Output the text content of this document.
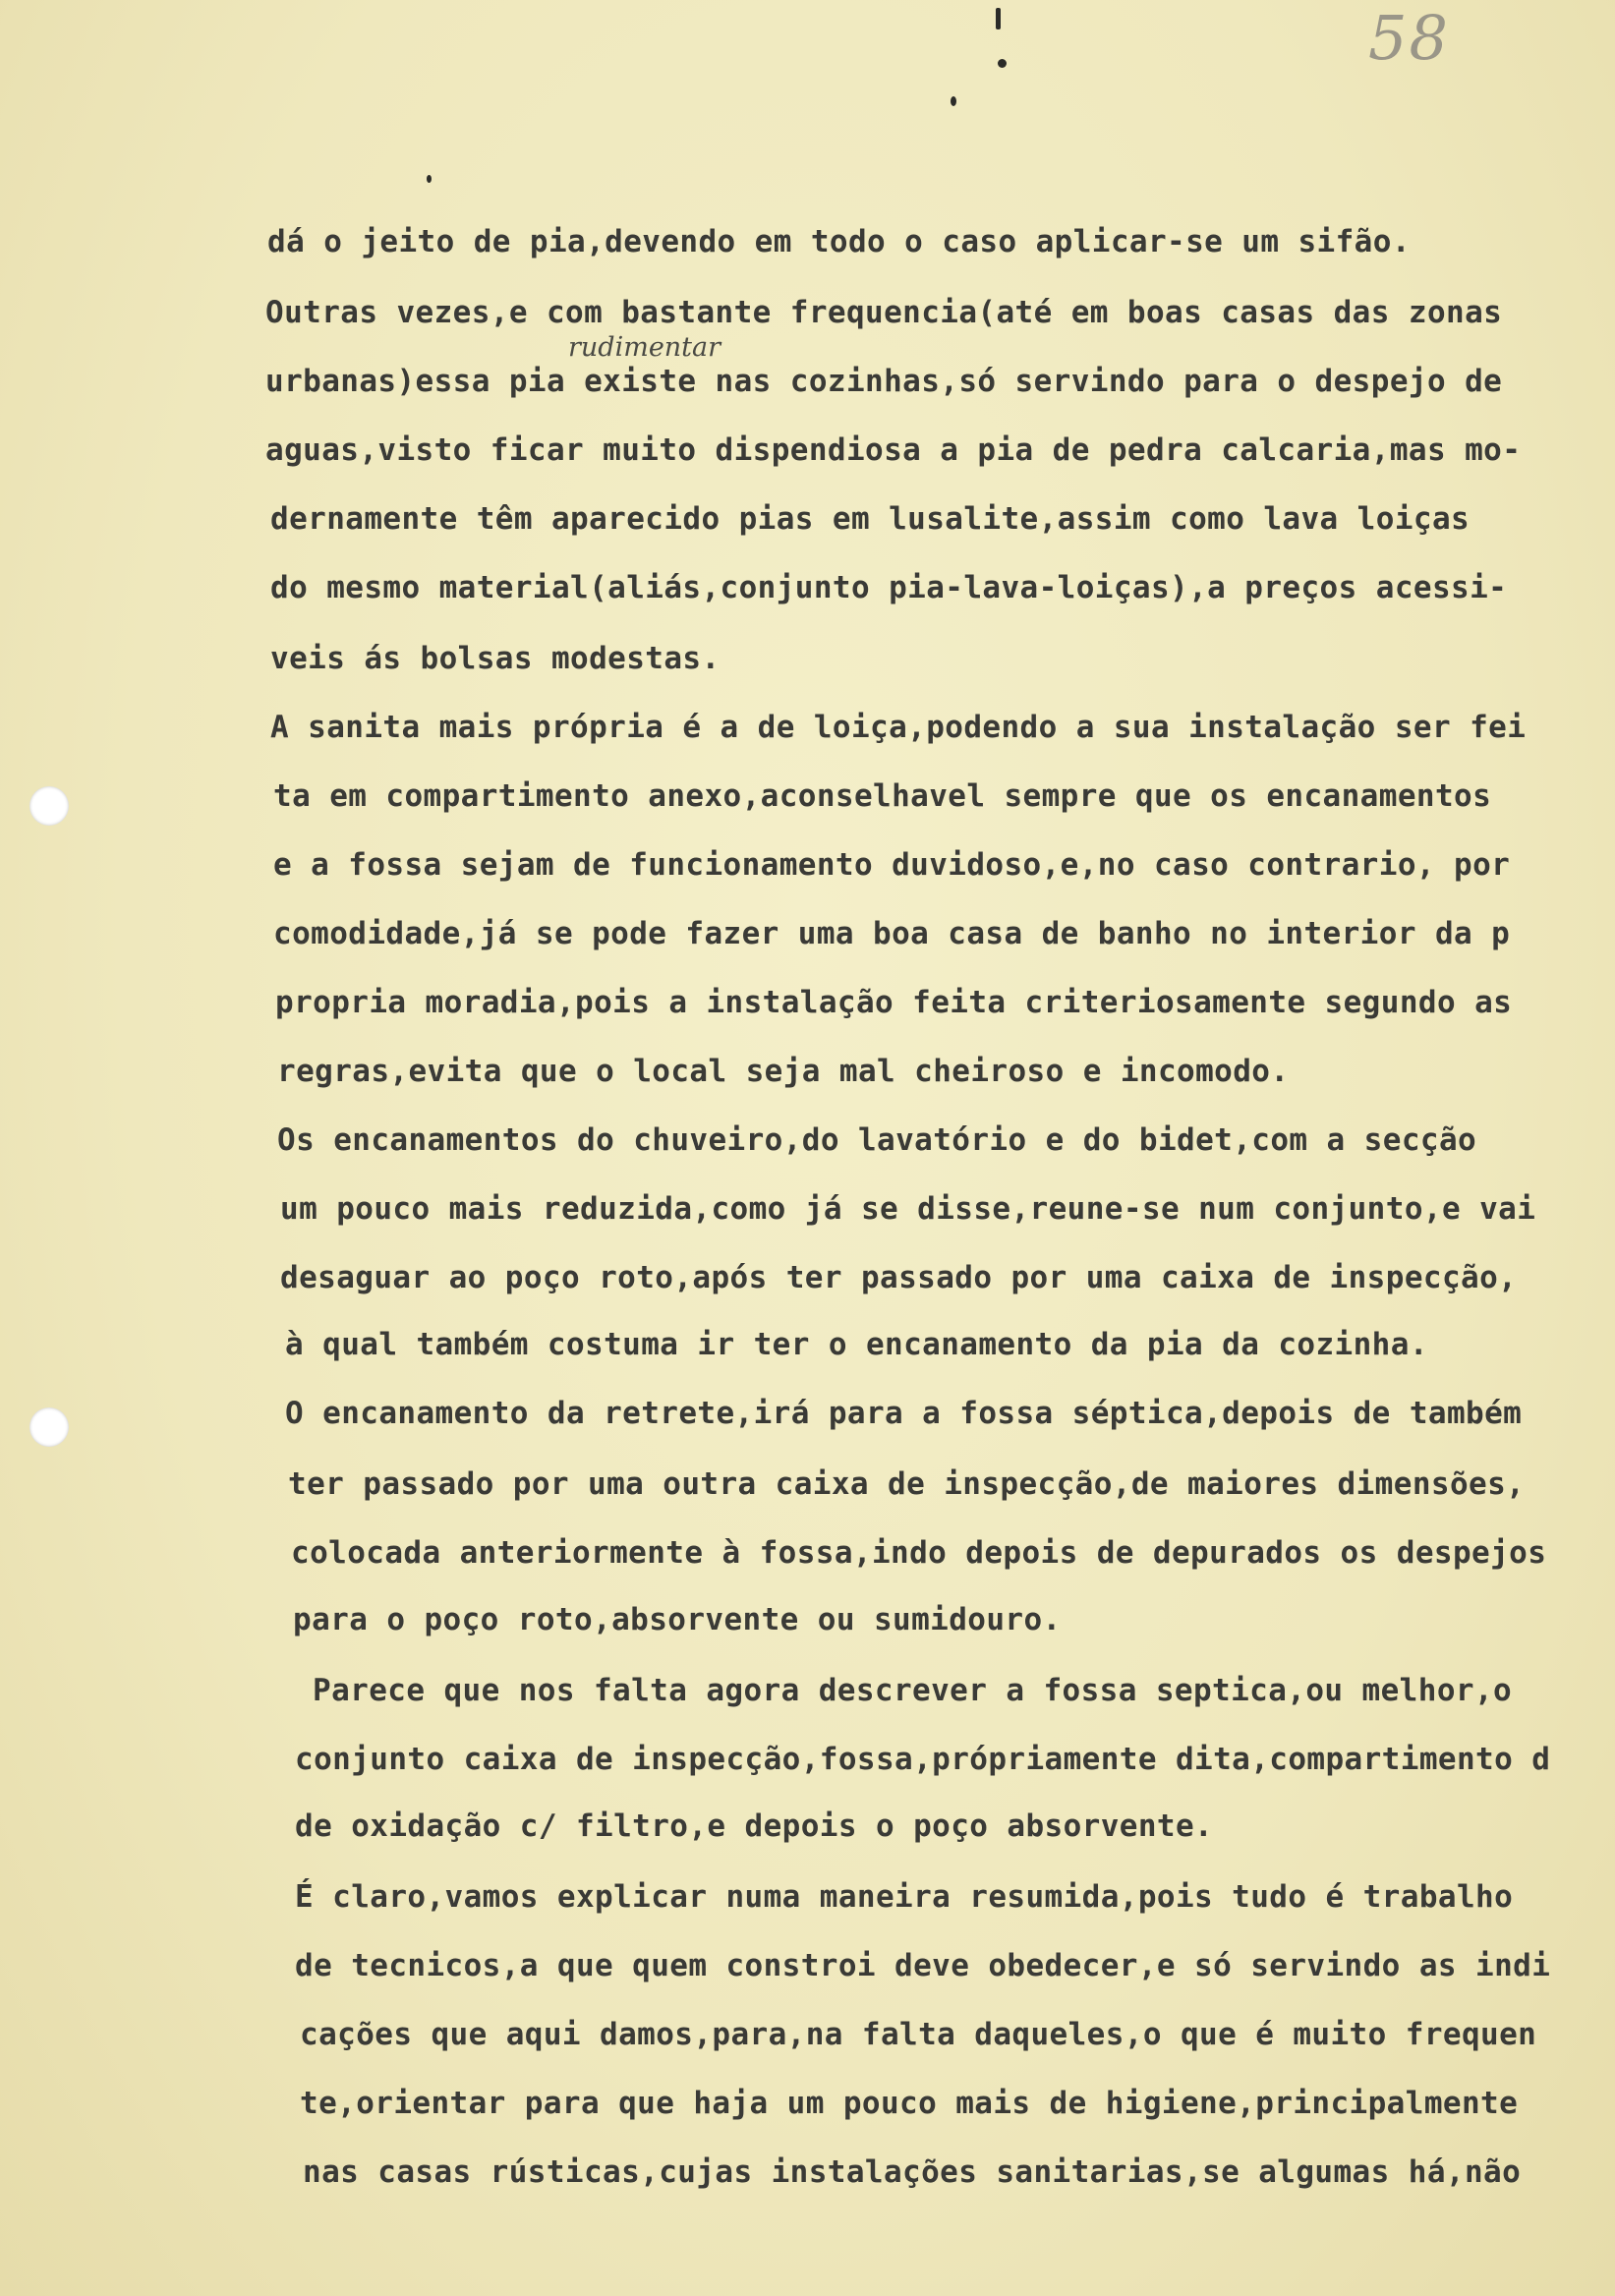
58
rudimentar
dá o jeito de pia,devendo em todo o caso aplicar-se um sifão.
Outras vezes,e com bastante frequencia(até em boas casas das zonas
urbanas)essa pia existe nas cozinhas,só servindo para o despejo de
aguas,visto ficar muito dispendiosa a pia de pedra calcaria,mas mo-
dernamente têm aparecido pias em lusalite,assim como lava loiças
do mesmo material(aliás,conjunto pia-lava-loiças),a preços acessi-
veis ás bolsas modestas.
A sanita mais própria é a de loiça,podendo a sua instalação ser fei
ta em compartimento anexo,aconselhavel sempre que os encanamentos
e a fossa sejam de funcionamento duvidoso,e,no caso contrario, por
comodidade,já se pode fazer uma boa casa de banho no interior da p
propria moradia,pois a instalação feita criteriosamente segundo as
regras,evita que o local seja mal cheiroso e incomodo.
Os encanamentos do chuveiro,do lavatório e do bidet,com a secção
um pouco mais reduzida,como já se disse,reune-se num conjunto,e vai
desaguar ao poço roto,após ter passado por uma caixa de inspecção,
à qual também costuma ir ter o encanamento da pia da cozinha.
O encanamento da retrete,irá para a fossa séptica,depois de também
ter passado por uma outra caixa de inspecção,de maiores dimensões,
colocada anteriormente à fossa,indo depois de depurados os despejos
para o poço roto,absorvente ou sumidouro.
Parece que nos falta agora descrever a fossa septica,ou melhor,o
conjunto caixa de inspecção,fossa,própriamente dita,compartimento d
de oxidação c/ filtro,e depois o poço absorvente.
É claro,vamos explicar numa maneira resumida,pois tudo é trabalho
de tecnicos,a que quem constroi deve obedecer,e só servindo as indi
cações que aqui damos,para,na falta daqueles,o que é muito frequen
te,orientar para que haja um pouco mais de higiene,principalmente
nas casas rústicas,cujas instalações sanitarias,se algumas há,não
